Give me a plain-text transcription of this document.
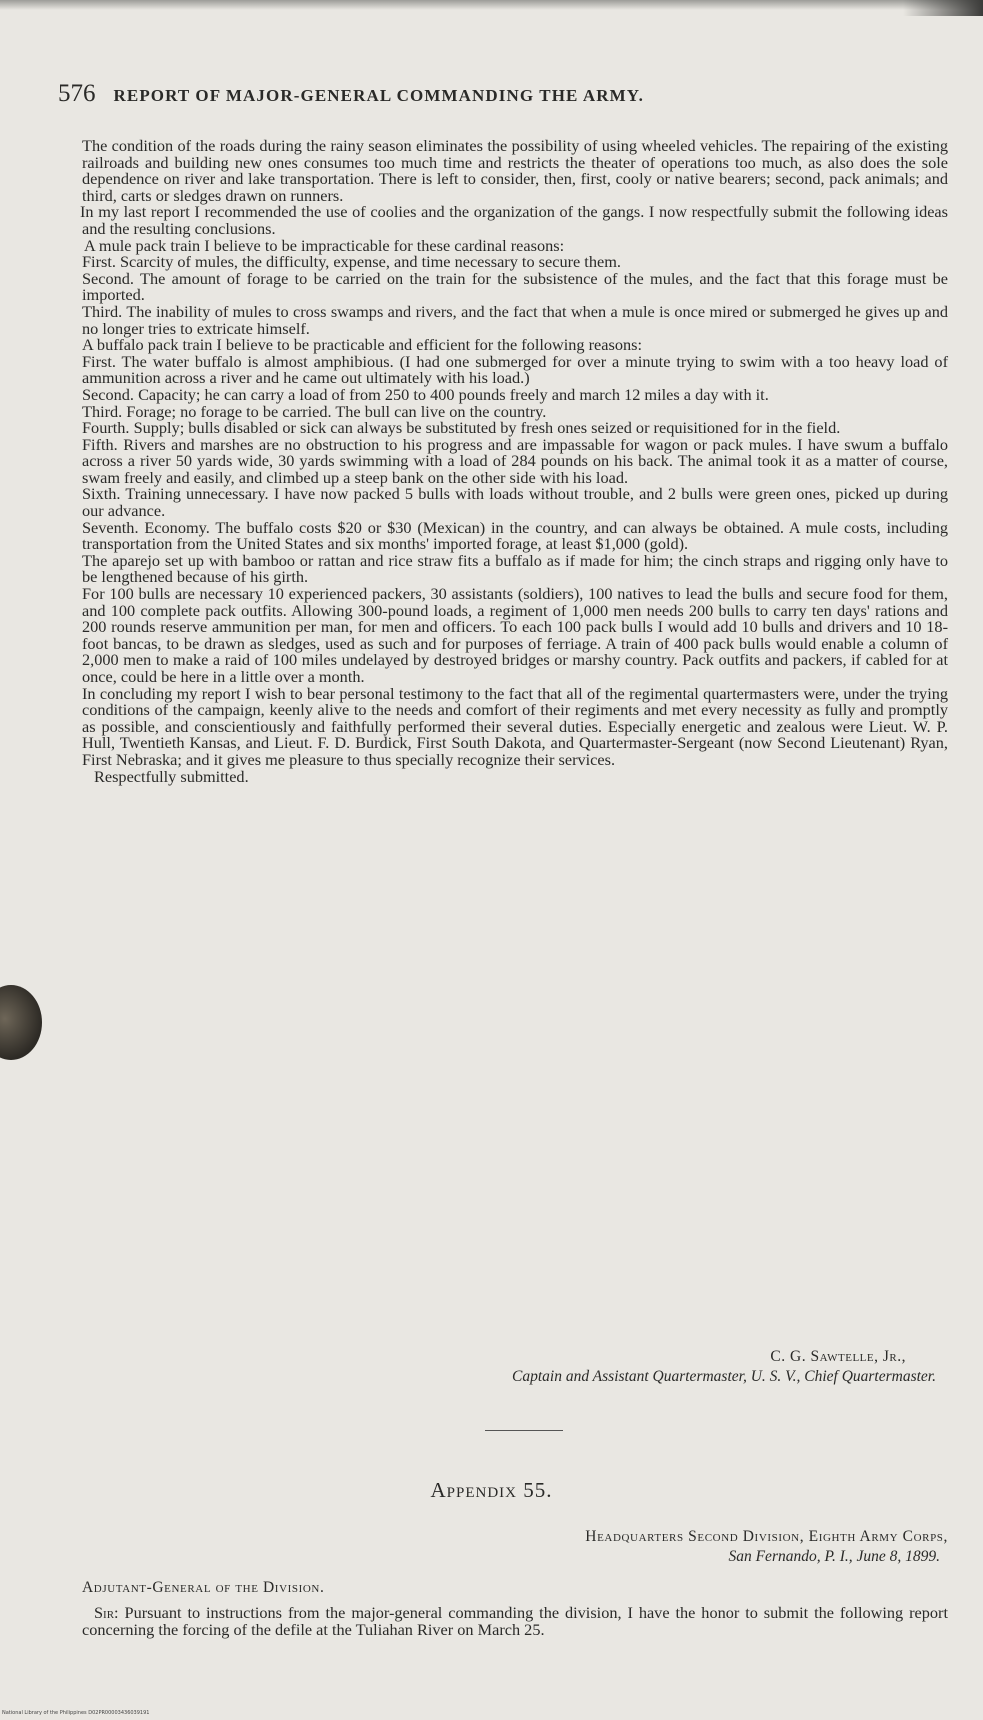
576 REPORT OF MAJOR-GENERAL COMMANDING THE ARMY.

The condition of the roads during the rainy season eliminates the possibility of using wheeled vehicles. The repairing of the existing railroads and building new ones consumes too much time and restricts the theater of operations too much, as also does the sole dependence on river and lake transportation. There is left to consider, then, first, cooly or native bearers; second, pack animals; and third, carts or sledges drawn on runners.

In my last report I recommended the use of coolies and the organization of the gangs. I now respectfully submit the following ideas and the resulting conclusions.

A mule pack train I believe to be impracticable for these cardinal reasons:

First. Scarcity of mules, the difficulty, expense, and time necessary to secure them.

Second. The amount of forage to be carried on the train for the subsistence of the mules, and the fact that this forage must be imported.

Third. The inability of mules to cross swamps and rivers, and the fact that when a mule is once mired or submerged he gives up and no longer tries to extricate himself.

A buffalo pack train I believe to be practicable and efficient for the following reasons:

First. The water buffalo is almost amphibious. (I had one submerged for over a minute trying to swim with a too heavy load of ammunition across a river and he came out ultimately with his load.)

Second. Capacity; he can carry a load of from 250 to 400 pounds freely and march 12 miles a day with it.

Third. Forage; no forage to be carried. The bull can live on the country.

Fourth. Supply; bulls disabled or sick can always be substituted by fresh ones seized or requisitioned for in the field.

Fifth. Rivers and marshes are no obstruction to his progress and are impassable for wagon or pack mules. I have swum a buffalo across a river 50 yards wide, 30 yards swimming with a load of 284 pounds on his back. The animal took it as a matter of course, swam freely and easily, and climbed up a steep bank on the other side with his load.

Sixth. Training unnecessary. I have now packed 5 bulls with loads without trouble, and 2 bulls were green ones, picked up during our advance.

Seventh. Economy. The buffalo costs $20 or $30 (Mexican) in the country, and can always be obtained. A mule costs, including transportation from the United States and six months' imported forage, at least $1,000 (gold).

The aparejo set up with bamboo or rattan and rice straw fits a buffalo as if made for him; the cinch straps and rigging only have to be lengthened because of his girth.

For 100 bulls are necessary 10 experienced packers, 30 assistants (soldiers), 100 natives to lead the bulls and secure food for them, and 100 complete pack outfits. Allowing 300-pound loads, a regiment of 1,000 men needs 200 bulls to carry ten days' rations and 200 rounds reserve ammunition per man, for men and officers. To each 100 pack bulls I would add 10 bulls and drivers and 10 18-foot bancas, to be drawn as sledges, used as such and for purposes of ferriage. A train of 400 pack bulls would enable a column of 2,000 men to make a raid of 100 miles undelayed by destroyed bridges or marshy country. Pack outfits and packers, if cabled for at once, could be here in a little over a month.

In concluding my report I wish to bear personal testimony to the fact that all of the regimental quartermasters were, under the trying conditions of the campaign, keenly alive to the needs and comfort of their regiments and met every necessity as fully and promptly as possible, and conscientiously and faithfully performed their several duties. Especially energetic and zealous were Lieut. W. P. Hull, Twentieth Kansas, and Lieut. F. D. Burdick, First South Dakota, and Quartermaster-Sergeant (now Second Lieutenant) Ryan, First Nebraska; and it gives me pleasure to thus specially recognize their services.

Respectfully submitted.

C. G. Sawtelle, Jr.,
Captain and Assistant Quartermaster, U. S. V., Chief Quartermaster.
Appendix 55.
Headquarters Second Division, Eighth Army Corps,
San Fernando, P. I., June 8, 1899.
Adjutant-General of the Division.
Sir: Pursuant to instructions from the major-general commanding the division, I have the honor to submit the following report concerning the forcing of the defile at the Tuliahan River on March 25.
National Library of the Philippines D02PR00003436039191
